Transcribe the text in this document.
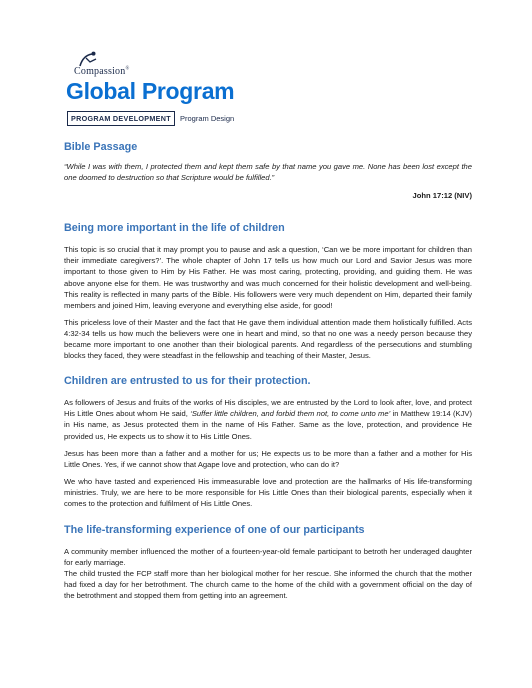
Compassion®
Global Program
PROGRAM DEVELOPMENT	Program Design
Bible Passage

“While I was with them, I protected them and kept them safe by that name you gave me. None has been lost except the one doomed to destruction so that Scripture would be fulfilled.”

John 17:12 (NIV)

Being more important in the life of children

This topic is so crucial that it may prompt you to pause and ask a question, ‘Can we be more important for children than their immediate caregivers?’. The whole chapter of John 17 tells us how much our Lord and Savior Jesus was more important to those given to Him by His Father. He was most caring, protecting, providing, and guiding them. He was above anyone else for them. He was trustworthy and was much concerned for their holistic development and well-being. This reality is reflected in many parts of the Bible. His followers were very much dependent on Him, departed their family members and joined Him, leaving everyone and everything else aside, for good!

This priceless love of their Master and the fact that He gave them individual attention made them holistically fulfilled. Acts 4:32-34 tells us how much the believers were one in heart and mind, so that no one was a needy person because they became more important to one another than their biological parents. And regardless of the persecutions and stumbling blocks they faced, they were steadfast in the fellowship and teaching of their Master, Jesus.

Children are entrusted to us for their protection.

As followers of Jesus and fruits of the works of His disciples, we are entrusted by the Lord to look after, love, and protect His Little Ones about whom He said, ‘Suffer little children, and forbid them not, to come unto me’ in Matthew 19:14 (KJV) in His name, as Jesus protected them in the name of His Father. Same as the love, protection, and providence He provided us, He expects us to show it to His Little Ones.

Jesus has been more than a father and a mother for us; He expects us to be more than a father and a mother for His Little Ones. Yes, if we cannot show that Agape love and protection, who can do it?

We who have tasted and experienced His immeasurable love and protection are the hallmarks of His life-transforming ministries. Truly, we are here to be more responsible for His Little Ones than their biological parents, especially when it comes to the protection and fulfilment of His Little Ones.

The life-transforming experience of one of our participants

A community member influenced the mother of a fourteen-year-old female participant to betroth her underaged daughter for early marriage.

The child trusted the FCP staff more than her biological mother for her rescue. She informed the church that the mother had fixed a day for her betrothment. The church came to the home of the child with a government official on the day of the betrothment and stopped them from getting into an agreement.
